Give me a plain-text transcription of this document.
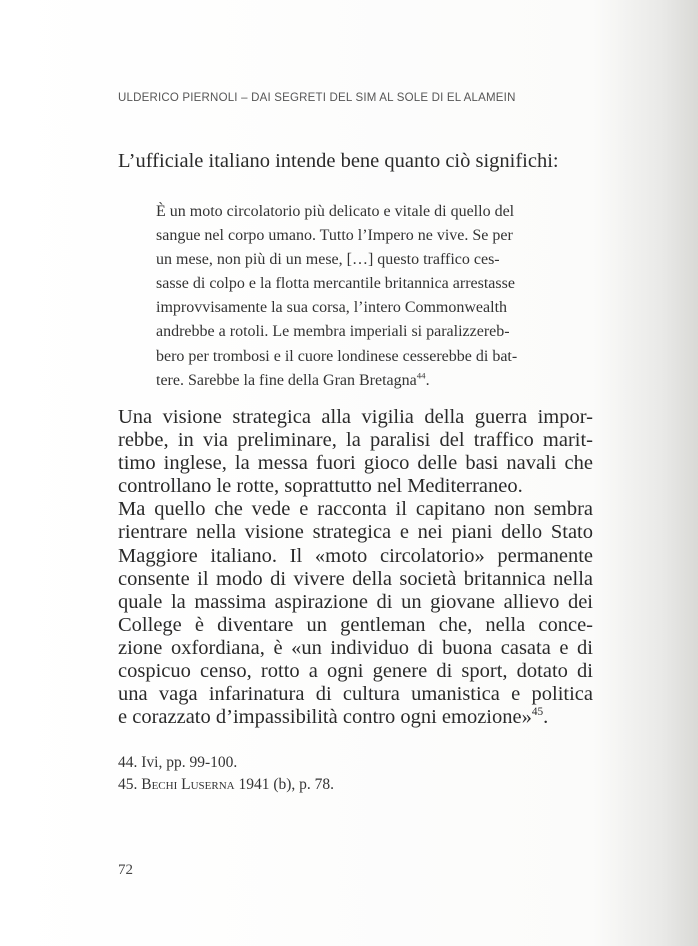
ULDERICO PIERNOLI – DAI SEGRETI DEL SIM AL SOLE DI EL ALAMEIN
L’ufficiale italiano intende bene quanto ciò significhi:
È un moto circolatorio più delicato e vitale di quello del
sangue nel corpo umano. Tutto l’Impero ne vive. Se per
un mese, non più di un mese, […] questo traffico ces-
sasse di colpo e la flotta mercantile britannica arrestasse
improvvisamente la sua corsa, l’intero Commonwealth
andrebbe a rotoli. Le membra imperiali si paralizzereb-
bero per trombosi e il cuore londinese cesserebbe di bat-
tere. Sarebbe la fine della Gran Bretagna$^{44}$.
Una visione strategica alla vigilia della guerra impor-
rebbe, in via preliminare, la paralisi del traffico marit-
timo inglese, la messa fuori gioco delle basi navali che
controllano le rotte, soprattutto nel Mediterraneo.
Ma quello che vede e racconta il capitano non sembra
rientrare nella visione strategica e nei piani dello Stato
Maggiore italiano. Il «moto circolatorio» permanente
consente il modo di vivere della società britannica nella
quale la massima aspirazione di un giovane allievo dei
College è diventare un gentleman che, nella conce-
zione oxfordiana, è «un individuo di buona casata e di
cospicuo censo, rotto a ogni genere di sport, dotato di
una vaga infarinatura di cultura umanistica e politica
e corazzato d’impassibilità contro ogni emozione»$^{45}$.
44. Ivi, pp. 99-100.
45. Bechi Luserna 1941 (b), p. 78.
72
